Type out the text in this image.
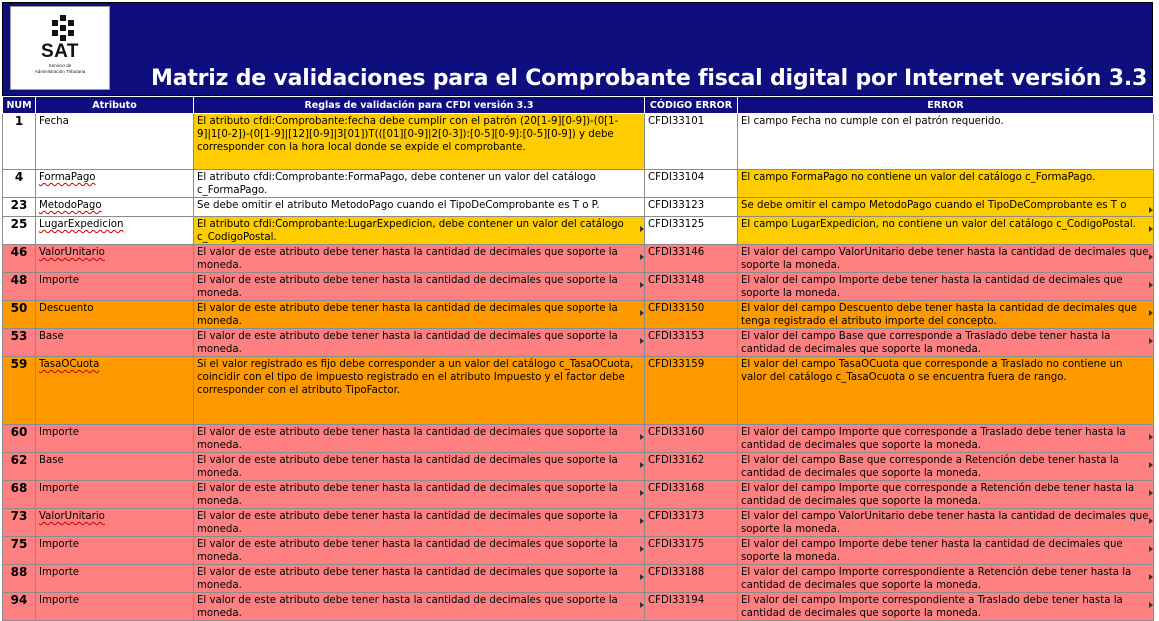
SAT
Servicio de
Administración Tributaria	Matriz de validaciones para el Comprobante fiscal digital por Internet versión 3.3
NUM	Atributo	Reglas de validación para CFDI versión 3.3	CÓDIGO ERROR	ERROR
1	Fecha	El atributo cfdi:Comprobante:fecha debe cumplir con el patrón (20[1-9][0-9])-(0[1-9]|1[0-2])-(0[1-9]|[12][0-9]|3[01])T(([01][0-9]|2[0-3]):[0-5][0-9]:[0-5][0-9]) y debe corresponder con la hora local donde se expide el comprobante.	CFDI33101	El campo Fecha no cumple con el patrón requerido.
4	FormaPago	El atributo cfdi:Comprobante:FormaPago, debe contener un valor del catálogo c_FormaPago.	CFDI33104	El campo FormaPago no contiene un valor del catálogo c_FormaPago.

23	MetodoPago	Se debe omitir el atributo MetodoPago cuando el TipoDeComprobante es T o P.	CFDI33123	Se debe omitir el campo MetodoPago cuando el TipoDeComprobante es T o

25	LugarExpedicion	El atributo cfdi:Comprobante:LugarExpedicion, debe contener un valor del catálogo c_CodigoPostal.	CFDI33125	El campo LugarExpedicion, no contiene un valor del catálogo c_CodigoPostal.

46	ValorUnitario	El valor de este atributo debe tener hasta la cantidad de decimales que soporte la moneda.	CFDI33146	El valor del campo ValorUnitario debe tener hasta la cantidad de decimales que soporte la moneda.

48	Importe	El valor de este atributo debe tener hasta la cantidad de decimales que soporte la moneda.	CFDI33148	El valor del campo Importe debe tener hasta la cantidad de decimales que soporte la moneda.

50	Descuento	El valor de este atributo debe tener hasta la cantidad de decimales que soporte la moneda.	CFDI33150	El valor del campo Descuento debe tener hasta la cantidad de decimales que tenga registrado el atributo importe del concepto.

53	Base	El valor de este atributo debe tener hasta la cantidad de decimales que soporte la moneda.	CFDI33153	El valor del campo Base que corresponde a Traslado debe tener hasta la cantidad de decimales que soporte la moneda.

59	TasaOCuota	Si el valor registrado es fijo debe corresponder a un valor del catálogo c_TasaOCuota, coincidir con el tipo de impuesto registrado en el atributo Impuesto y el factor debe corresponder con el atributo TipoFactor.	CFDI33159	El valor del campo TasaOCuota que corresponde a Traslado no contiene un valor del catálogo c_TasaOcuota o se encuentra fuera de rango.
60	Importe	El valor de este atributo debe tener hasta la cantidad de decimales que soporte la moneda.	CFDI33160	El valor del campo Importe que corresponde a Traslado debe tener hasta la cantidad de decimales que soporte la moneda.

62	Base	El valor de este atributo debe tener hasta la cantidad de decimales que soporte la moneda.	CFDI33162	El valor del campo Base que corresponde a Retención debe tener hasta la cantidad de decimales que soporte la moneda.

68	Importe	El valor de este atributo debe tener hasta la cantidad de decimales que soporte la moneda.	CFDI33168	El valor del campo Importe que corresponde a Retención debe tener hasta la cantidad de decimales que soporte la moneda.

73	ValorUnitario	El valor de este atributo debe tener hasta la cantidad de decimales que soporte la moneda.	CFDI33173	El valor del campo ValorUnitario debe tener hasta la cantidad de decimales que soporte la moneda.

75	Importe	El valor de este atributo debe tener hasta la cantidad de decimales que soporte la moneda.	CFDI33175	El valor del campo Importe debe tener hasta la cantidad de decimales que soporte la moneda.

88	Importe	El valor de este atributo debe tener hasta la cantidad de decimales que soporte la moneda.	CFDI33188	El valor del campo Importe correspondiente a Retención debe tener hasta la cantidad de decimales que soporte la moneda.

94	Importe	El valor de este atributo debe tener hasta la cantidad de decimales que soporte la moneda.	CFDI33194	El valor del campo Importe correspondiente a Traslado debe tener hasta la cantidad de decimales que soporte la moneda.
